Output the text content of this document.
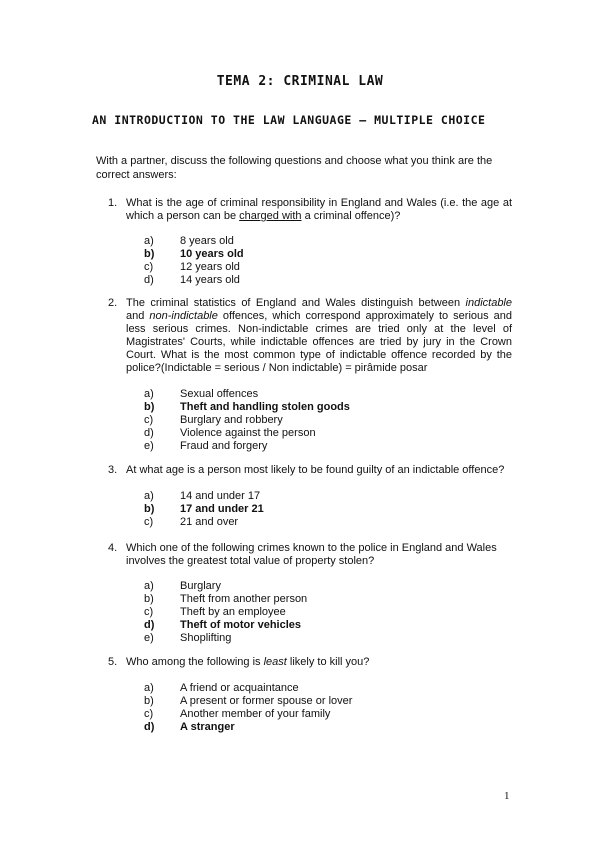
TEMA 2: CRIMINAL LAW
AN INTRODUCTION TO THE LAW LANGUAGE – MULTIPLE CHOICE
With a partner, discuss the following questions and choose what you think are the correct answers:
1. What is the age of criminal responsibility in England and Wales (i.e. the age at which a person can be charged with a criminal offence)?
a) 8 years old
b) 10 years old
c) 12 years old
d) 14 years old
2. The criminal statistics of England and Wales distinguish between indictable and non-indictable offences, which correspond approximately to serious and less serious crimes. Non-indictable crimes are tried only at the level of Magistrates' Courts, while indictable offences are tried by jury in the Crown Court. What is the most common type of indictable offence recorded by the police?(Indictable = serious / Non indictable) = pirâmide posar
a) Sexual offences
b) Theft and handling stolen goods
c) Burglary and robbery
d) Violence against the person
e) Fraud and forgery
3. At what age is a person most likely to be found guilty of an indictable offence?
a) 14 and under 17
b) 17 and under 21
c) 21 and over
4. Which one of the following crimes known to the police in England and Wales involves the greatest total value of property stolen?
a) Burglary
b) Theft from another person
c) Theft by an employee
d) Theft of motor vehicles
e) Shoplifting
5. Who among the following is least likely to kill you?
a) A friend or acquaintance
b) A present or former spouse or lover
c) Another member of your family
d) A stranger
1
